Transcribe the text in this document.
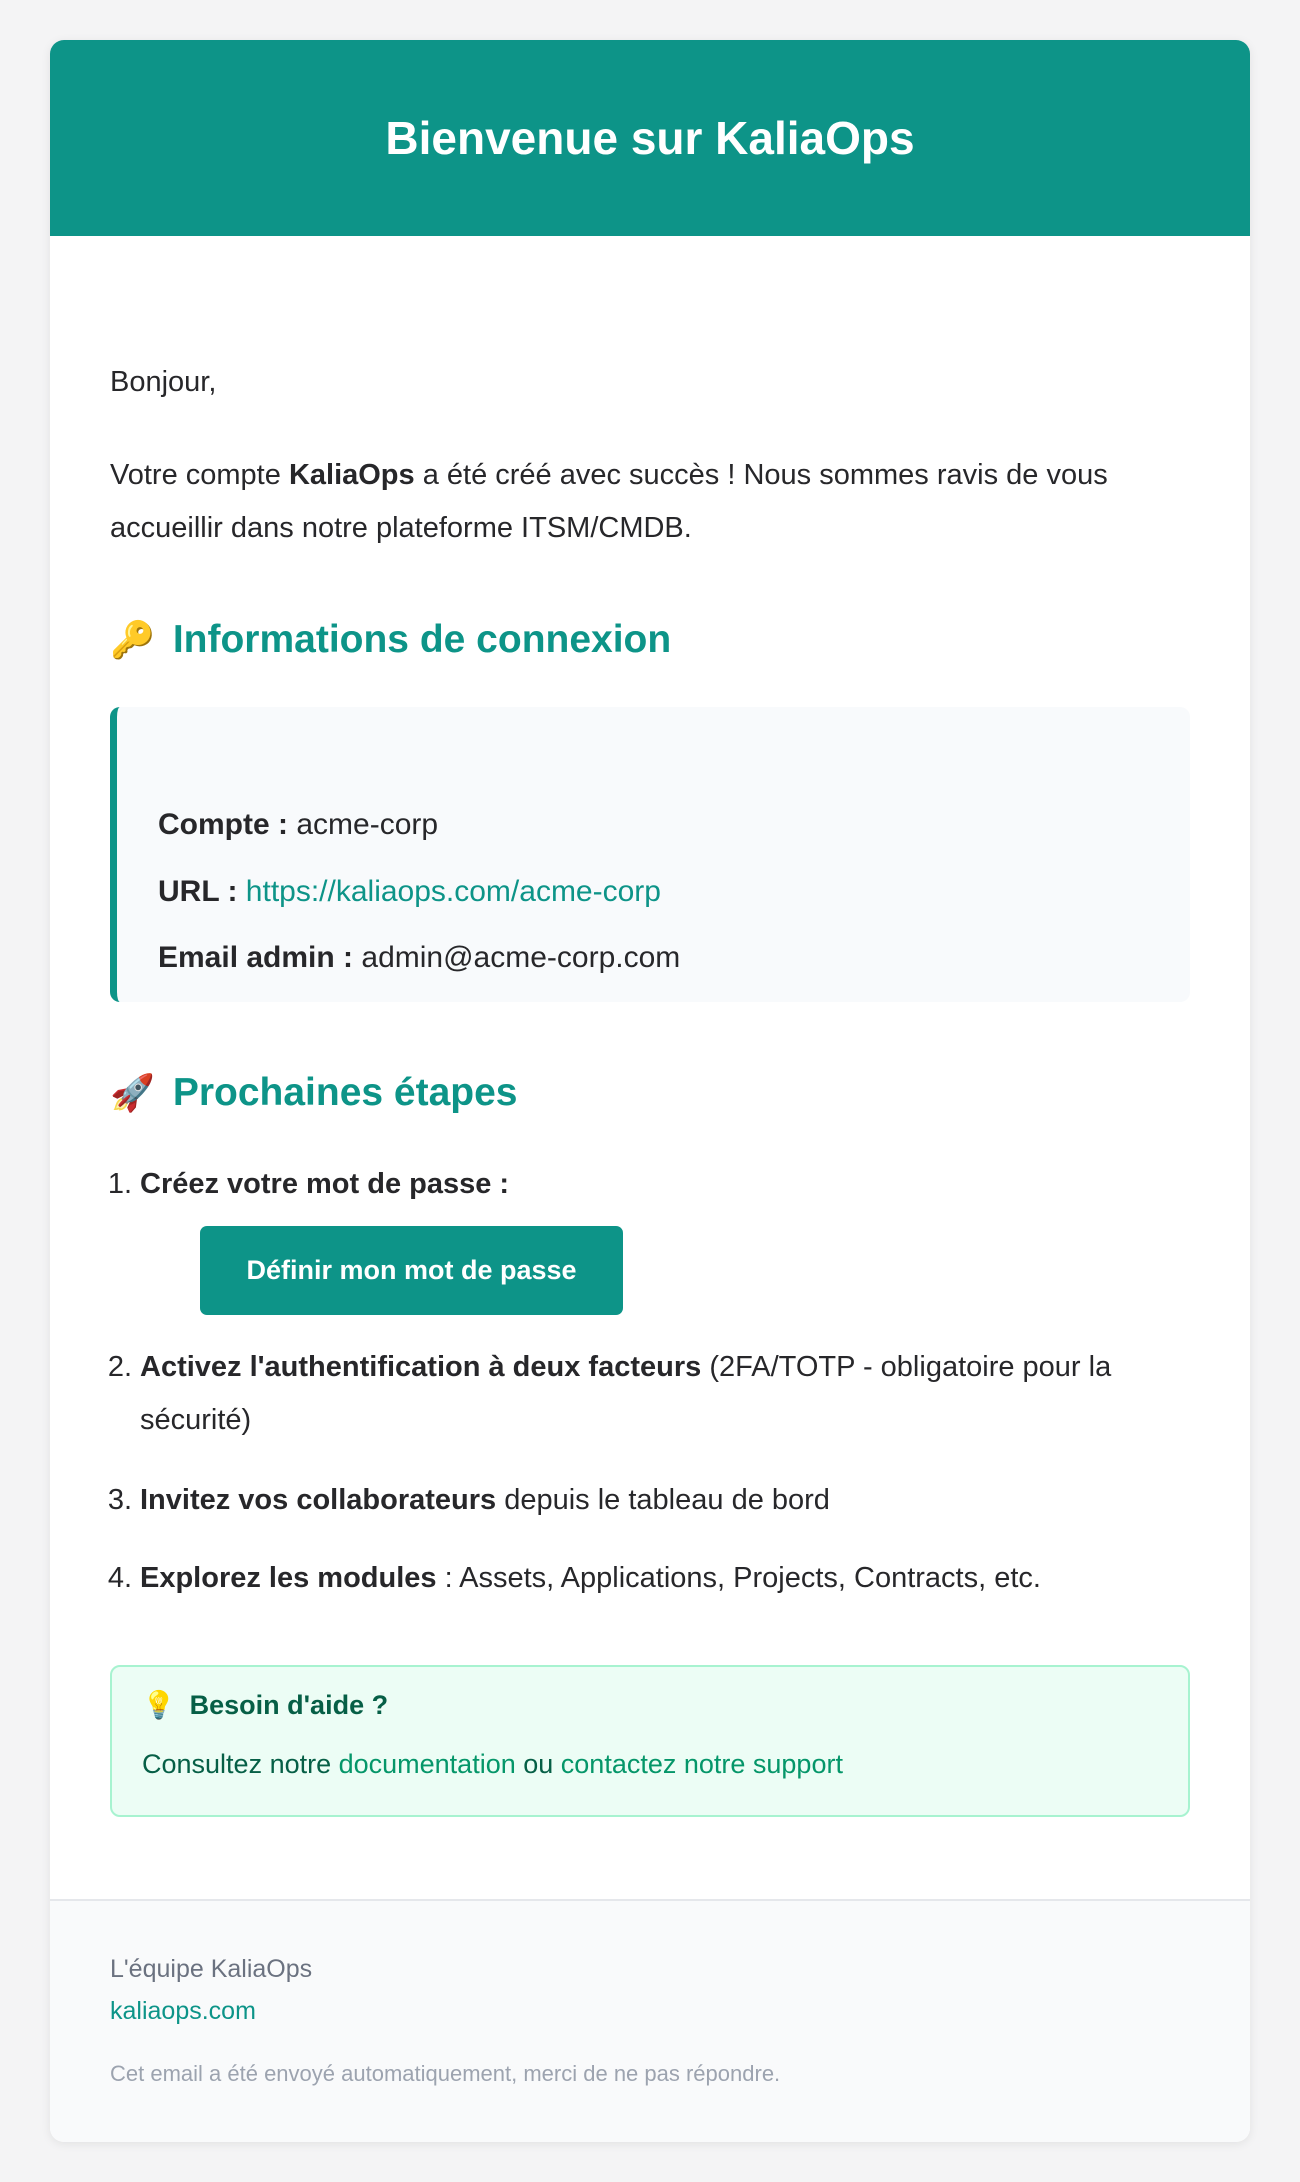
Bienvenue sur KaliaOps

Bonjour,

Votre compte KaliaOps a été créé avec succès ! Nous sommes ravis de vous accueillir dans notre plateforme ITSM/CMDB.

🔑 Informations de connexion
Compte : acme-corp
URL : https://kaliaops.com/acme-corp
Email admin : admin@acme-corp.com
🚀 Prochaines étapes
1. Créez votre mot de passe :
Définir mon mot de passe
2. Activez l'authentification à deux facteurs (2FA/TOTP - obligatoire pour la sécurité)
3. Invitez vos collaborateurs depuis le tableau de bord
4. Explorez les modules : Assets, Applications, Projects, Contracts, etc.
💡 Besoin d'aide ?
Consultez notre documentation ou contactez notre support
L'équipe KaliaOps
kaliaops.com
Cet email a été envoyé automatiquement, merci de ne pas répondre.
